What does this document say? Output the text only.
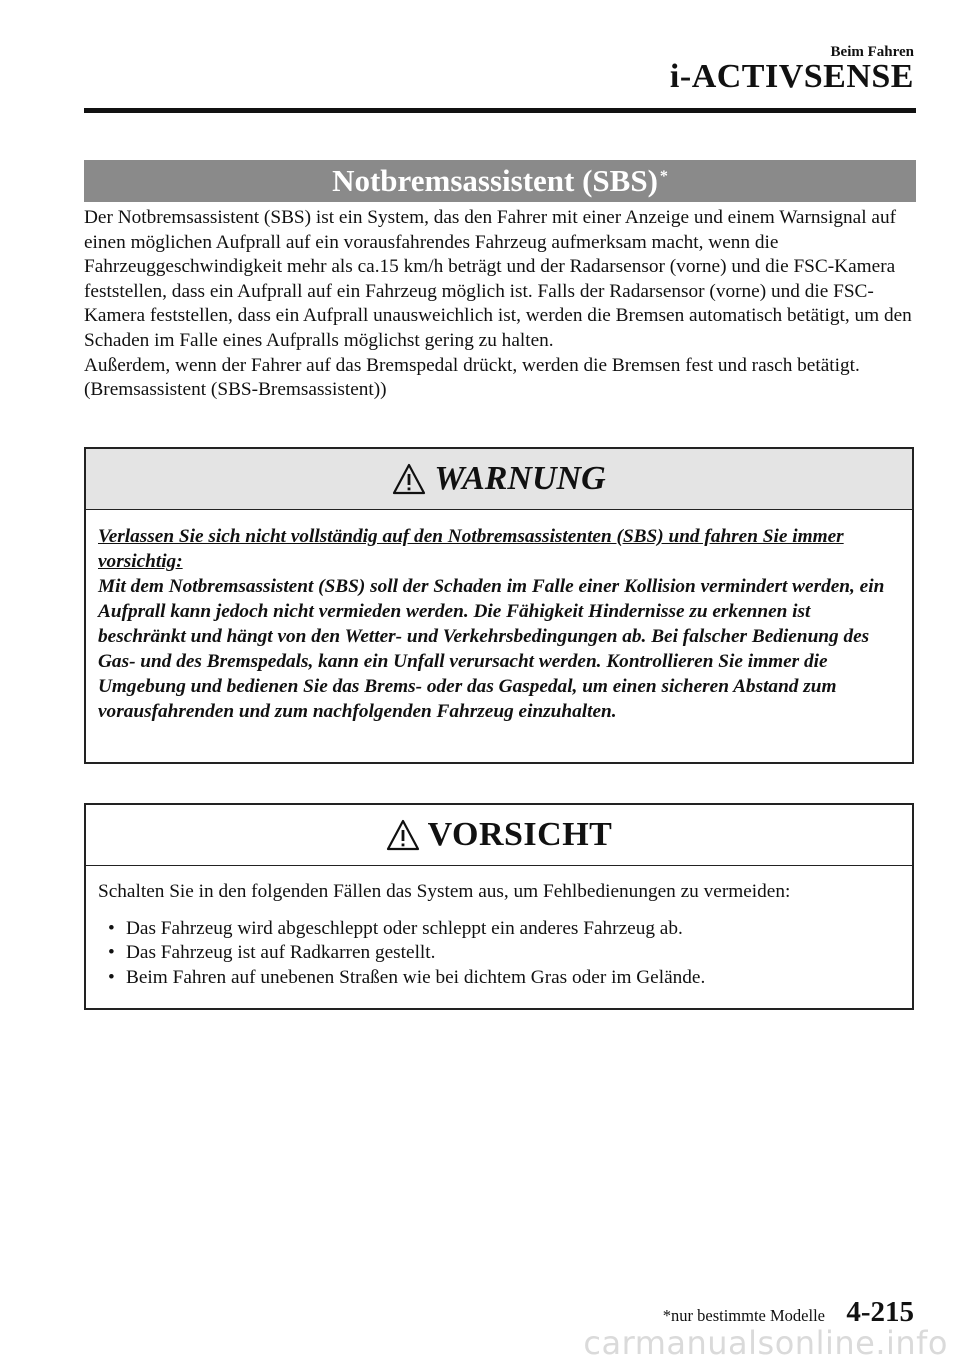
Beim Fahren
i-ACTIVSENSE
Notbremsassistent (SBS)*

Der Notbremsassistent (SBS) ist ein System, das den Fahrer mit einer Anzeige und einem Warnsignal auf einen möglichen Aufprall auf ein vorausfahrendes Fahrzeug aufmerksam macht, wenn die Fahrzeuggeschwindigkeit mehr als ca.15 km/h beträgt und der Radarsensor (vorne) und die FSC-Kamera feststellen, dass ein Aufprall auf ein Fahrzeug möglich ist. Falls der Radarsensor (vorne) und die FSC-Kamera feststellen, dass ein Aufprall unausweichlich ist, werden die Bremsen automatisch betätigt, um den Schaden im Falle eines Aufpralls möglichst gering zu halten.

Außerdem, wenn der Fahrer auf das Bremspedal drückt, werden die Bremsen fest und rasch betätigt. (Bremsassistent (SBS-Bremsassistent))

WARNUNG
Verlassen Sie sich nicht vollständig auf den Notbremsassistenten (SBS) und fahren Sie immer vorsichtig:
Mit dem Notbremsassistent (SBS) soll der Schaden im Falle einer Kollision vermindert werden, ein Aufprall kann jedoch nicht vermieden werden. Die Fähigkeit Hindernisse zu erkennen ist beschränkt und hängt von den Wetter- und Verkehrsbedingungen ab. Bei falscher Bedienung des Gas- und des Bremspedals, kann ein Unfall verursacht werden. Kontrollieren Sie immer die Umgebung und bedienen Sie das Brems- oder das Gaspedal, um einen sicheren Abstand zum vorausfahrenden und zum nachfolgenden Fahrzeug einzuhalten.
VORSICHT
Schalten Sie in den folgenden Fällen das System aus, um Fehlbedienungen zu vermeiden:
• Das Fahrzeug wird abgeschleppt oder schleppt ein anderes Fahrzeug ab.
• Das Fahrzeug ist auf Radkarren gestellt.
• Beim Fahren auf unebenen Straßen wie bei dichtem Gras oder im Gelände.
*nur bestimmte Modelle 4-215
carmanualsonline.info
